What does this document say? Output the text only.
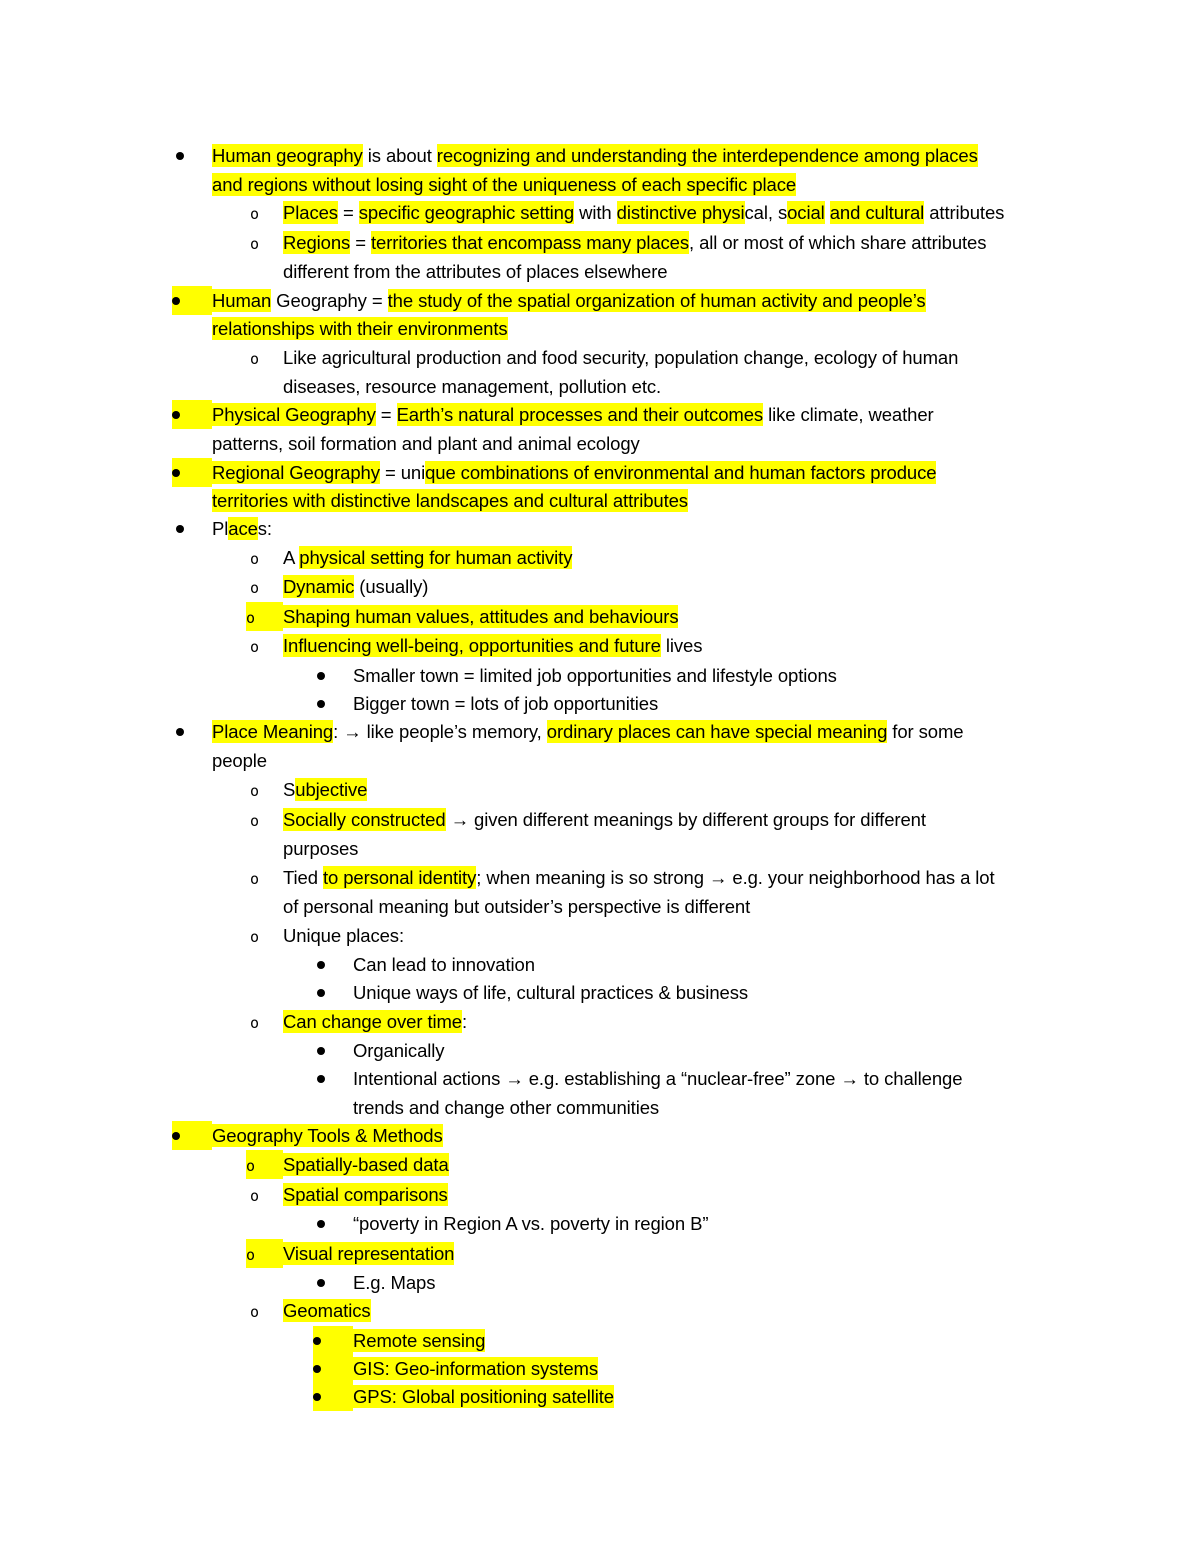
Human geography is about recognizing and understanding the interdependence among places
and regions without losing sight of the uniqueness of each specific place
o	Places = specific geographic setting with distinctive physical, social and cultural attributes
o	Regions = territories that encompass many places, all or most of which share attributes
different from the attributes of places elsewhere
Human Geography = the study of the spatial organization of human activity and people’s
relationships with their environments
o	Like agricultural production and food security, population change, ecology of human
diseases, resource management, pollution etc.
Physical Geography = Earth’s natural processes and their outcomes like climate, weather
patterns, soil formation and plant and animal ecology
Regional Geography = unique combinations of environmental and human factors produce
territories with distinctive landscapes and cultural attributes
Places:
o	A physical setting for human activity
o	Dynamic (usually)
o	Shaping human values, attitudes and behaviours
o	Influencing well-being, opportunities and future lives
Smaller town = limited job opportunities and lifestyle options
Bigger town = lots of job opportunities
Place Meaning: → like people’s memory, ordinary places can have special meaning for some
people
o	Subjective
o	Socially constructed → given different meanings by different groups for different
purposes
o	Tied to personal identity; when meaning is so strong → e.g. your neighborhood has a lot
of personal meaning but outsider’s perspective is different
o	Unique places:
Can lead to innovation
Unique ways of life, cultural practices & business
o	Can change over time:
Organically
Intentional actions → e.g. establishing a “nuclear-free” zone → to challenge
trends and change other communities
Geography Tools & Methods
o	Spatially-based data
o	Spatial comparisons
“poverty in Region A vs. poverty in region B”
o	Visual representation
E.g. Maps
o	Geomatics
Remote sensing
GIS: Geo-information systems
GPS: Global positioning satellite
